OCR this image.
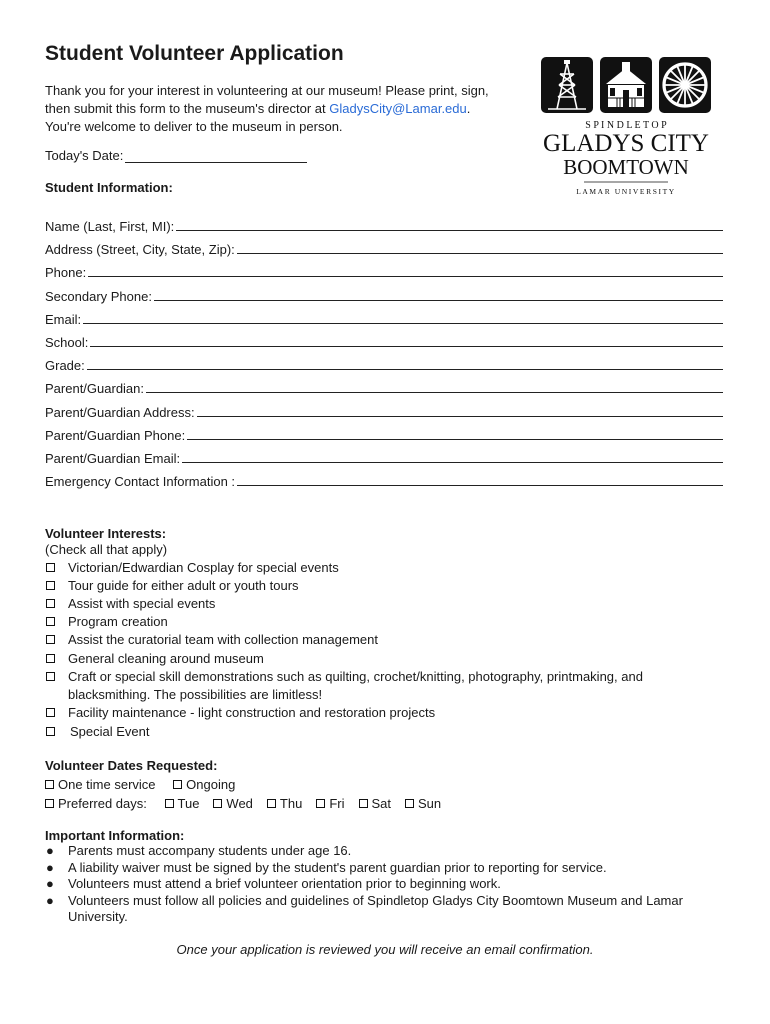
Student Volunteer Application
Thank you for your interest in volunteering at our museum! Please print, sign,
then submit this form to the museum's director at GladysCity@Lamar.edu.
You're welcome to deliver to the museum in person.
Today's Date:
Student Information:
Name (Last, First, MI):
Address (Street, City, State, Zip):
Phone:
Secondary Phone:
Email:
School:
Grade:
Parent/Guardian:
Parent/Guardian Address:
Parent/Guardian Phone:
Parent/Guardian Email:
Emergency Contact Information :
Volunteer Interests:
(Check all that apply)
Victorian/Edwardian Cosplay for special events
Tour guide for either adult or youth tours
Assist with special events
Program creation
Assist the curatorial team with collection management
General cleaning around museum
Craft or special skill demonstrations such as quilting, crochet/knitting, photography, printmaking, and blacksmithing. The possibilities are limitless!
Facility maintenance - light construction and restoration projects
Special Event
Volunteer Dates Requested:
One time service Ongoing
Preferred days: Tue Wed Thu Fri Sat Sun
Important Information:
● Parents must accompany students under age 16.
● A liability waiver must be signed by the student's parent guardian prior to reporting for service.
● Volunteers must attend a brief volunteer orientation prior to beginning work.
● Volunteers must follow all policies and guidelines of Spindletop Gladys City Boomtown Museum and Lamar University.
Once your application is reviewed you will receive an email confirmation.
S P I N D L E T O P
GLADYS CITY
BOOMTOWN
LAMAR UNIVERSITY
